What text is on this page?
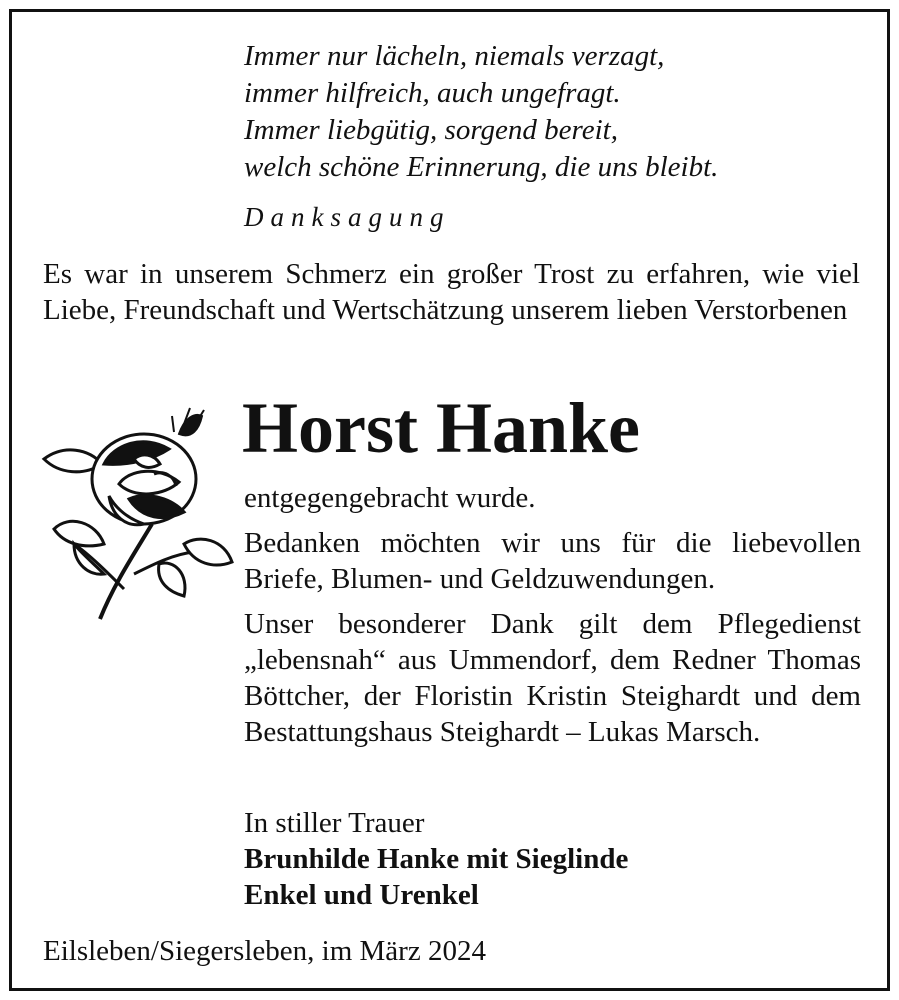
Immer nur lächeln, niemals verzagt,
immer hilfreich, auch ungefragt.
Immer liebgütig, sorgend bereit,
welch schöne Erinnerung, die uns bleibt.
Danksagung
Es war in unserem Schmerz ein großer Trost zu erfahren, wie viel Liebe, Freundschaft und Wertschätzung unserem lieben Verstorbenen
Horst Hanke

entgegengebracht wurde.

Bedanken möchten wir uns für die liebevollen Briefe, Blumen- und Geldzuwendungen.

Unser besonderer Dank gilt dem Pflegedienst „lebensnah“ aus Ummendorf, dem Redner Thomas Böttcher, der Floristin Kristin Steighardt und dem Bestattungshaus Steighardt – Lukas Marsch.

In stiller Trauer
Brunhilde Hanke mit Sieglinde
Enkel und Urenkel
Eilsleben/Siegersleben, im März 2024
